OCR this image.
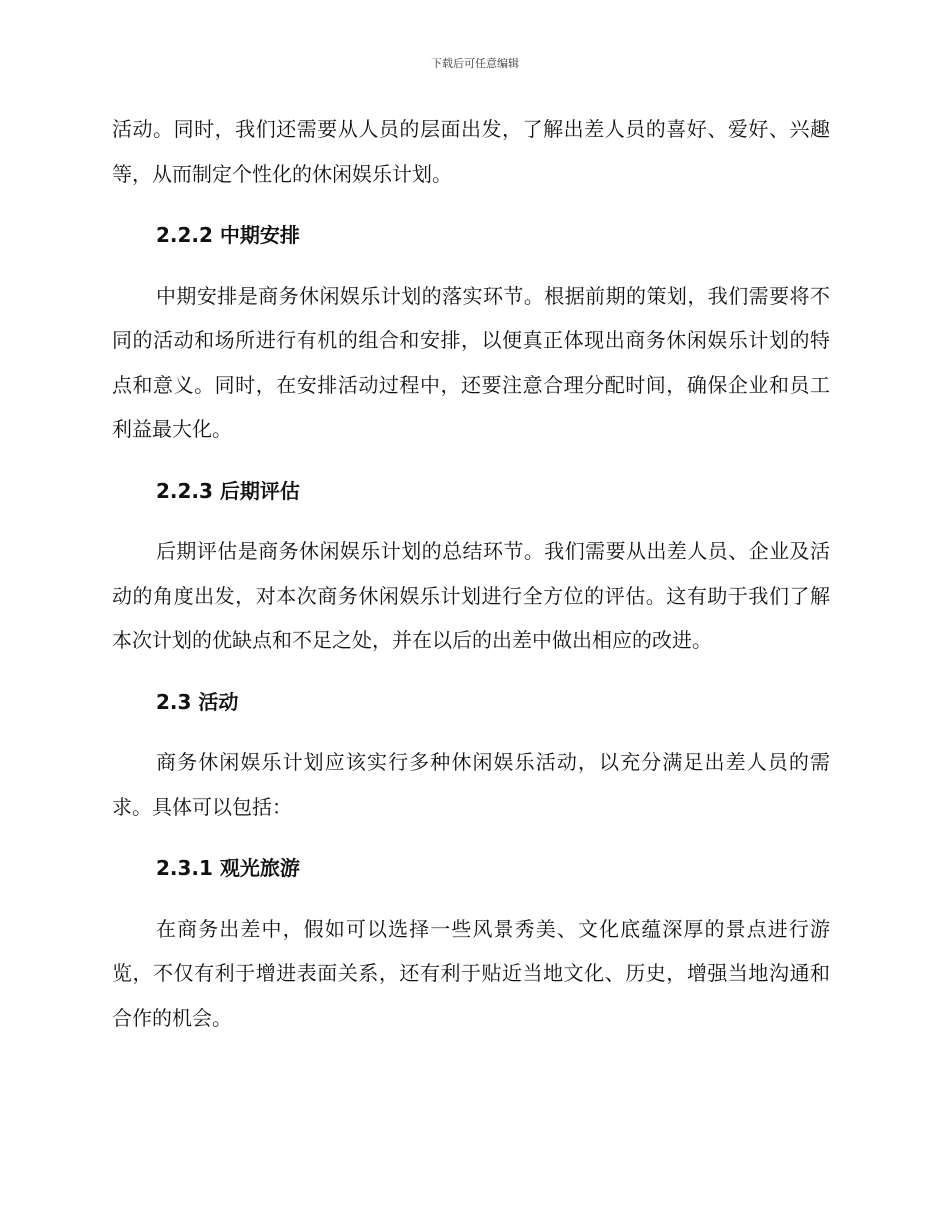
下载后可任意编辑

活动。同时，我们还需要从人员的层面出发，了解出差人员的喜好、爱好、兴趣等，从而制定个性化的休闲娱乐计划。

2.2.2 中期安排

中期安排是商务休闲娱乐计划的落实环节。根据前期的策划，我们需要将不同的活动和场所进行有机的组合和安排，以便真正体现出商务休闲娱乐计划的特点和意义。同时，在安排活动过程中，还要注意合理分配时间，确保企业和员工利益最大化。

2.2.3 后期评估

后期评估是商务休闲娱乐计划的总结环节。我们需要从出差人员、企业及活动的角度出发，对本次商务休闲娱乐计划进行全方位的评估。这有助于我们了解本次计划的优缺点和不足之处，并在以后的出差中做出相应的改进。

2.3 活动

商务休闲娱乐计划应该实行多种休闲娱乐活动，以充分满足出差人员的需求。具体可以包括：

2.3.1 观光旅游

在商务出差中，假如可以选择一些风景秀美、文化底蕴深厚的景点进行游览，不仅有利于增进表面关系，还有利于贴近当地文化、历史，增强当地沟通和合作的机会。
